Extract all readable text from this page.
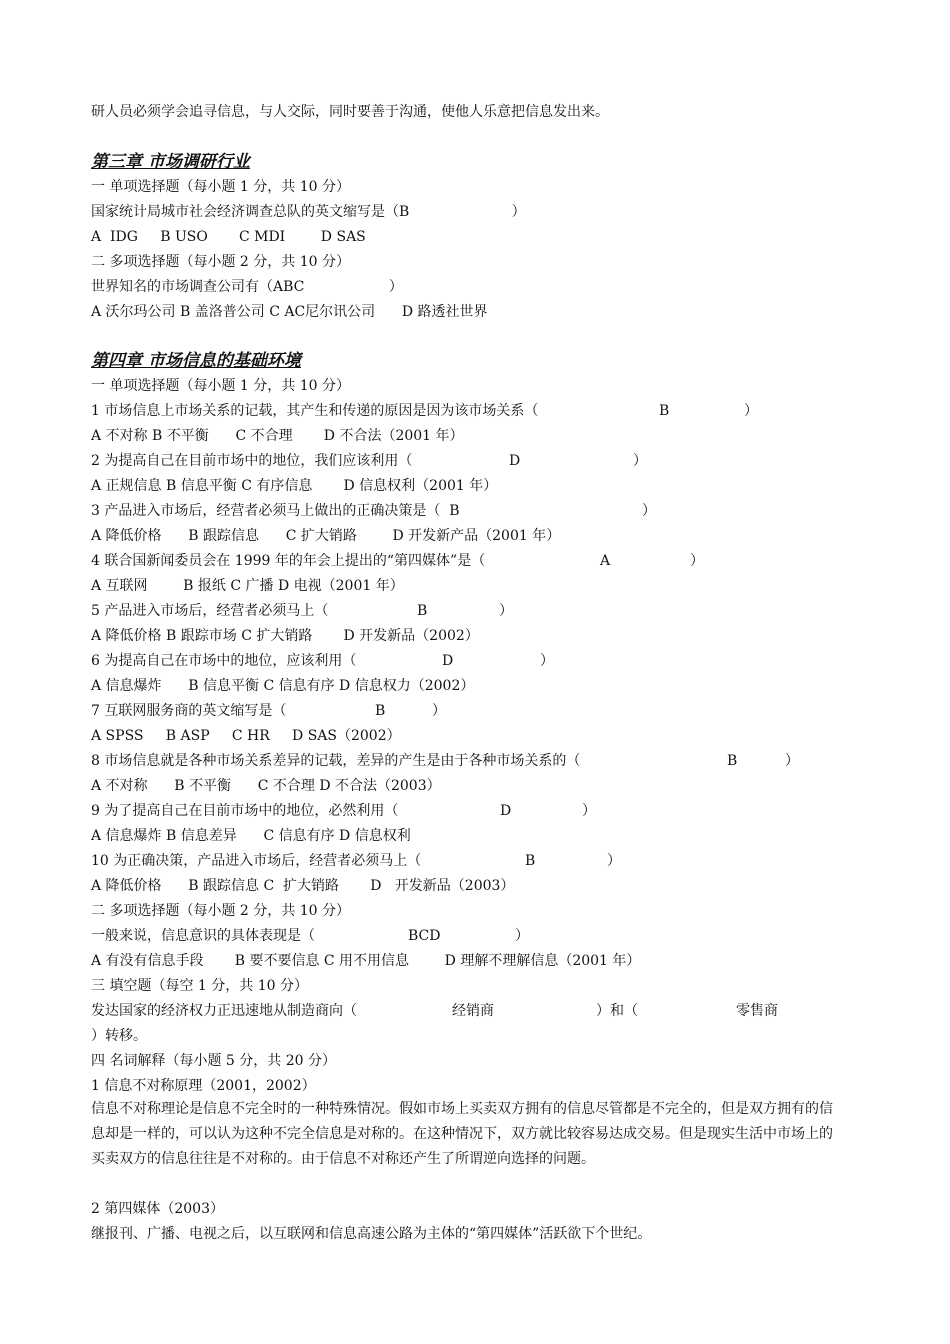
研人员必须学会追寻信息，与人交际，同时要善于沟通，使他人乐意把信息发出来。
第三章 市场调研行业
一 单项选择题（每小题 1 分，共 10 分）
国家统计局城市社会经济调查总队的英文缩写是（B                       ）
A  IDG     B USO       C MDI        D SAS
二 多项选择题（每小题 2 分，共 10 分）
世界知名的市场调查公司有（ABC                   ）
A 沃尔玛公司 B 盖洛普公司 C AC尼尔讯公司      D 路透社世界
第四章 市场信息的基础环境
一 单项选择题（每小题 1 分，共 10 分）
1 市场信息上市场关系的记载，其产生和传递的原因是因为该市场关系（	B	）
A 不对称 B 不平衡      C 不合理       D 不合法（2001 年）
2 为提高自己在目前市场中的地位，我们应该利用（	D	）
A 正规信息 B 信息平衡 C 有序信息       D 信息权利（2001 年）
3 产品进入市场后，经营者必须马上做出的正确决策是（  B	）
A 降低价格      B 跟踪信息      C 扩大销路        D 开发新产品（2001 年）
4 联合国新闻委员会在 1999 年的年会上提出的“第四媒体”是（	A	）
A 互联网        B 报纸 C 广播 D 电视（2001 年）
5 产品进入市场后，经营者必须马上（	B	）
A 降低价格 B 跟踪市场 C 扩大销路       D 开发新品（2002）
6 为提高自己在市场中的地位，应该利用（	D	）
A 信息爆炸      B 信息平衡 C 信息有序 D 信息权力（2002）
7 互联网服务商的英文缩写是（	B	）
A SPSS     B ASP     C HR     D SAS（2002）
8 市场信息就是各种市场关系差异的记载，差异的产生是由于各种市场关系的（	B	）
A 不对称      B 不平衡      C 不合理 D 不合法（2003）
9 为了提高自己在目前市场中的地位，必然利用（	D	）
A 信息爆炸 B 信息差异      C 信息有序 D 信息权利
10 为正确决策，产品进入市场后，经营者必须马上（	B	）
A 降低价格      B 跟踪信息 C  扩大销路       D   开发新品（2003）
二 多项选择题（每小题 2 分，共 10 分）
一般来说，信息意识的具体表现是（	BCD	）
A 有没有信息手段       B 要不要信息 C 用不用信息        D 理解不理解信息（2001 年）
三 填空题（每空 1 分，共 10 分）
发达国家的经济权力正迅速地从制造商向（	经销商	）和（	零售商
）转移。
四 名词解释（每小题 5 分，共 20 分）
1 信息不对称原理（2001，2002）
信息不对称理论是信息不完全时的一种特殊情况。假如市场上买卖双方拥有的信息尽管都是不完全的，但是双方拥有的信息却是一样的，可以认为这种不完全信息是对称的。在这种情况下，双方就比较容易达成交易。但是现实生活中市场上的买卖双方的信息往往是不对称的。由于信息不对称还产生了所谓逆向选择的问题。
2 第四媒体（2003）
继报刊、广播、电视之后，以互联网和信息高速公路为主体的“第四媒体”活跃欲下个世纪。
